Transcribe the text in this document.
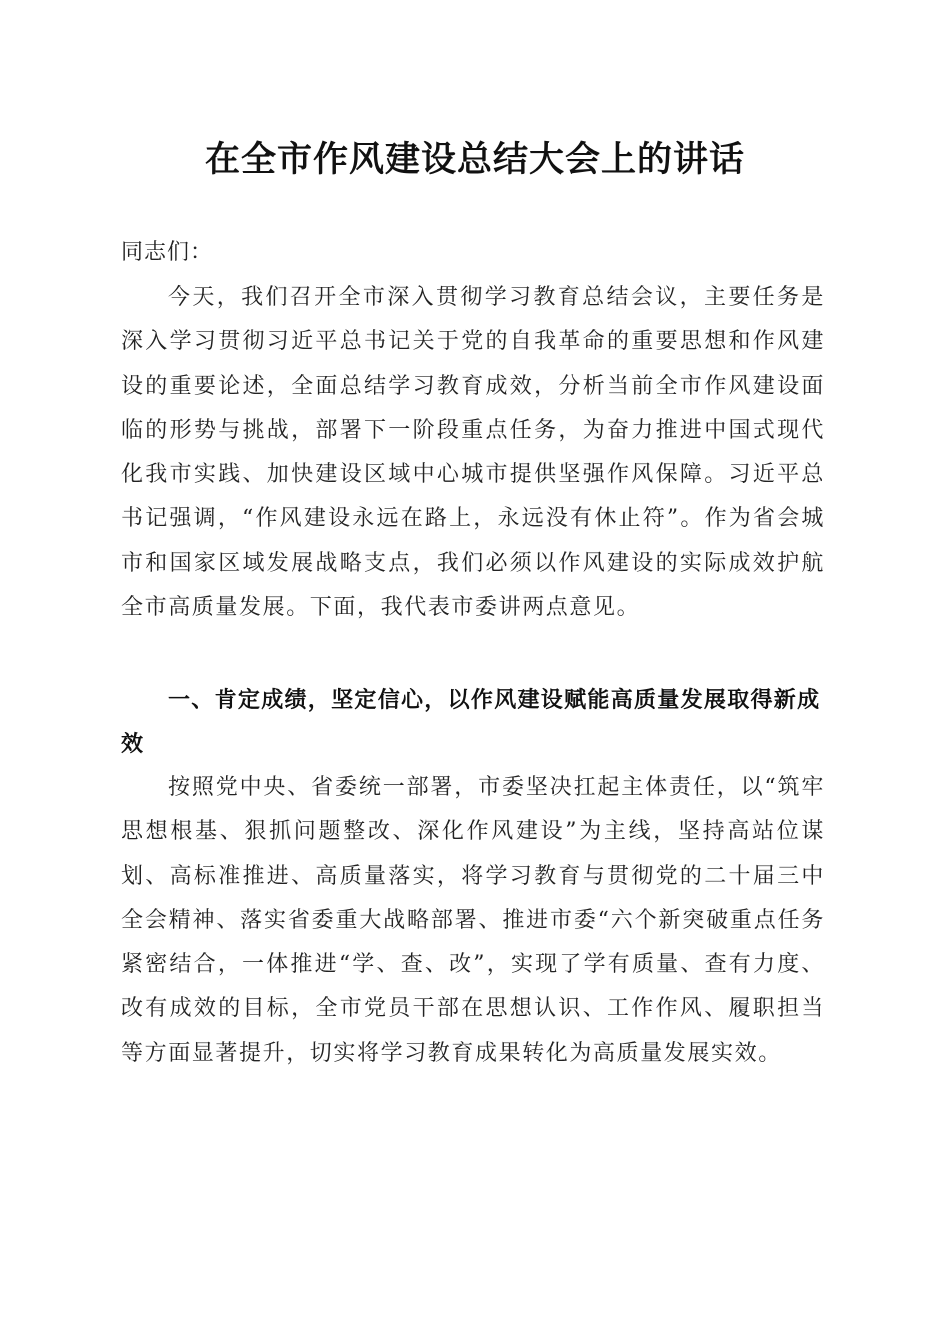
在全市作风建设总结大会上的讲话
同志们：

今天，我们召开全市深入贯彻学习教育总结会议，主要任务是深入学习贯彻习近平总书记关于党的自我革命的重要思想和作风建设的重要论述，全面总结学习教育成效，分析当前全市作风建设面临的形势与挑战，部署下一阶段重点任务，为奋力推进中国式现代化我市实践、加快建设区域中心城市提供坚强作风保障。习近平总书记强调，“作风建设永远在路上，永远没有休止符”。作为省会城市和国家区域发展战略支点，我们必须以作风建设的实际成效护航全市高质量发展。下面，我代表市委讲两点意见。

一、肯定成绩，坚定信心，以作风建设赋能高质量发展取得新成效

按照党中央、省委统一部署，市委坚决扛起主体责任，以“筑牢思想根基、狠抓问题整改、深化作风建设”为主线，坚持高站位谋划、高标准推进、高质量落实，将学习教育与贯彻党的二十届三中全会精神、落实省委重大战略部署、推进市委“六个新突破重点任务紧密结合，一体推进“学、查、改”，实现了学有质量、查有力度、改有成效的目标，全市党员干部在思想认识、工作作风、履职担当等方面显著提升，切实将学习教育成果转化为高质量发展实效。
